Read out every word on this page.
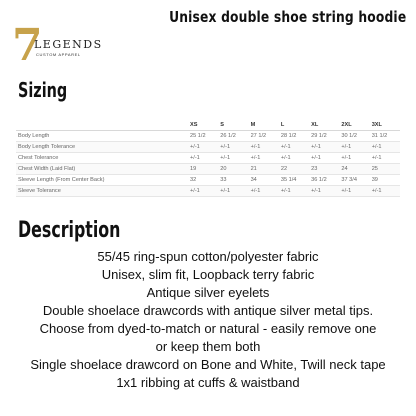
Unisex double shoe string hoodie
7
LEGENDS
CUSTOM APPAREL
Sizing
	XS	S	M	L	XL	2XL	3XL
Body Length	25 1/2	26 1/2	27 1/2	28 1/2	29 1/2	30 1/2	31 1/2
Body Length Tolerance	+/-1	+/-1	+/-1	+/-1	+/-1	+/-1	+/-1
Chest Tolerance	+/-1	+/-1	+/-1	+/-1	+/-1	+/-1	+/-1
Chest Width (Laid Flat)	19	20	21	22	23	24	25
Sleeve Length (From Center Back)	32	33	34	35 1/4	36 1/2	37 3/4	39
Sleeve Tolerance	+/-1	+/-1	+/-1	+/-1	+/-1	+/-1	+/-1
Description
55/45 ring-spun cotton/polyester fabric
Unisex, slim fit, Loopback terry fabric
Antique silver eyelets
Double shoelace drawcords with antique silver metal tips.
Choose from dyed-to-match or natural - easily remove one
or keep them both
Single shoelace drawcord on Bone and White, Twill neck tape
1x1 ribbing at cuffs & waistband
